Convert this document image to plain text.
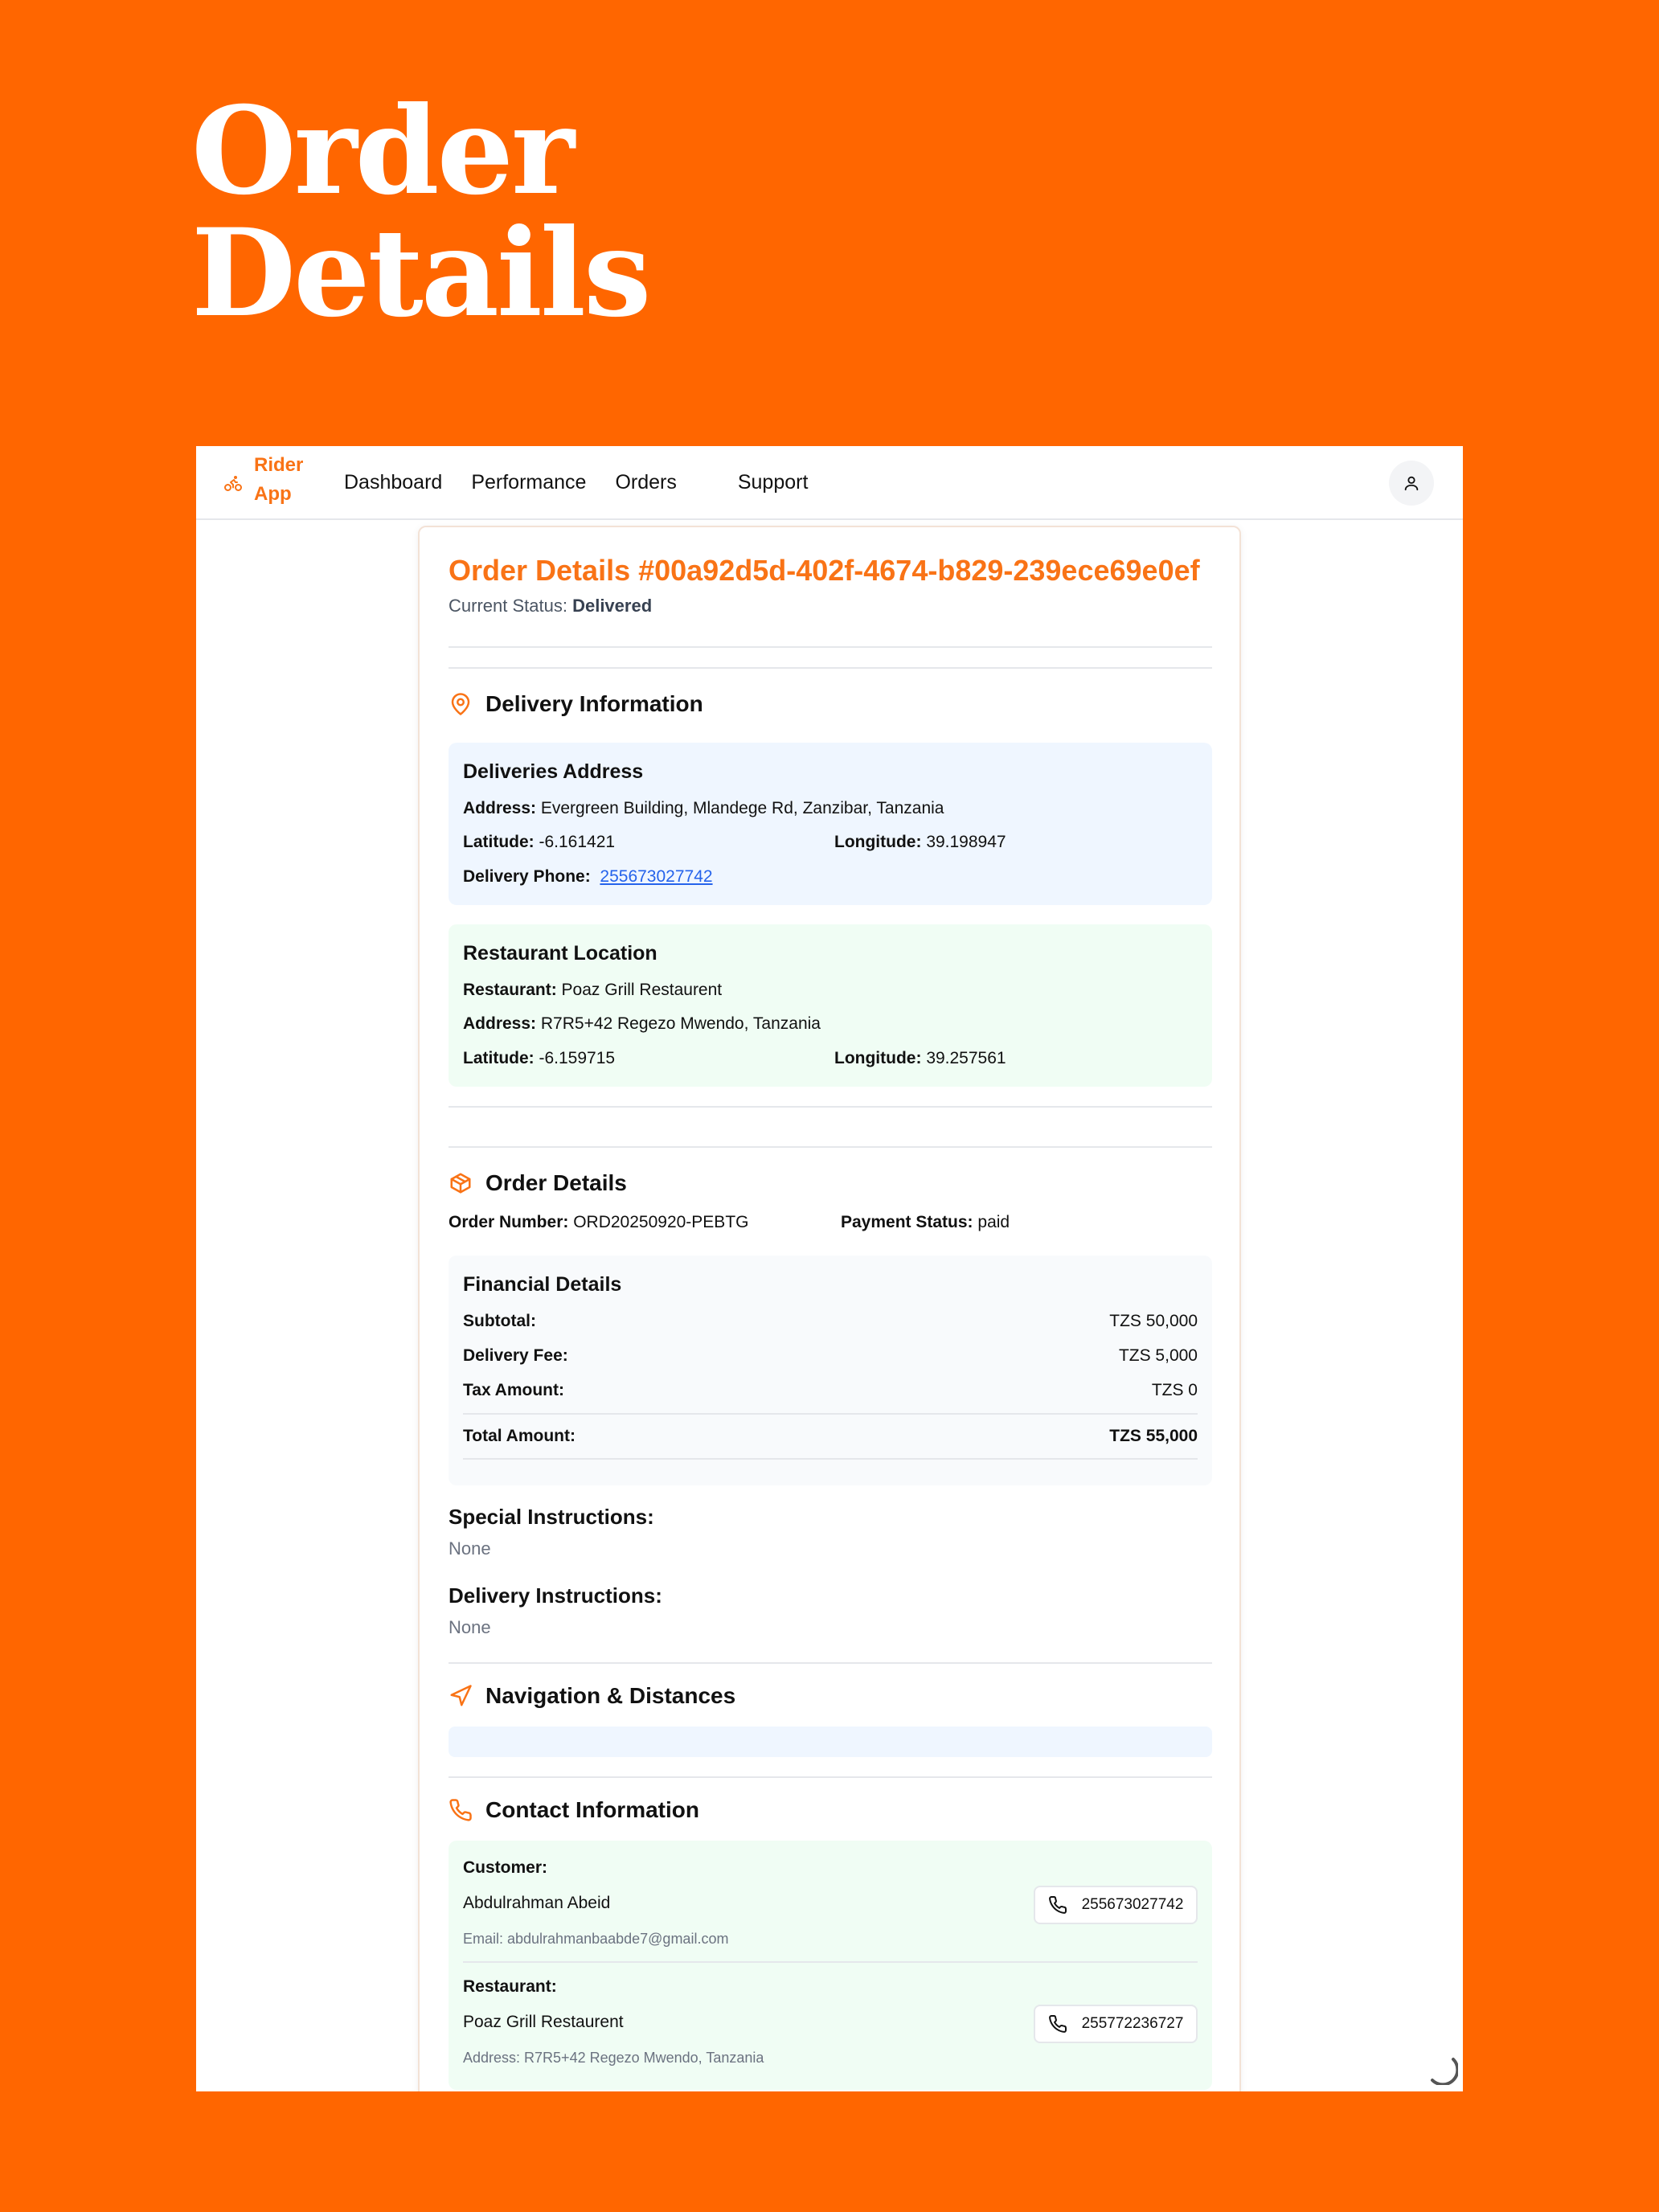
Order
Details
Rider
App
Dashboard Performance Orders	Support
Order Details #00a92d5d-402f-4674-b829-239ece69e0ef
Current Status: Delivered
Delivery Information
Deliveries Address
Address: Evergreen Building, Mlandege Rd, Zanzibar, Tanzania
Latitude: -6.161421	Longitude: 39.198947
Delivery Phone: 255673027742
Restaurant Location
Restaurant: Poaz Grill Restaurent
Address: R7R5+42 Regezo Mwendo, Tanzania
Latitude: -6.159715	Longitude: 39.257561
Order Details
Order Number: ORD20250920-PEBTG	Payment Status: paid
Financial Details
Subtotal:	TZS 50,000
Delivery Fee:	TZS 5,000
Tax Amount:	TZS 0
Total Amount:	TZS 55,000
Special Instructions:
None
Delivery Instructions:
None
Navigation & Distances
Contact Information
Customer:
Abdulrahman Abeid	255673027742
Email: abdulrahmanbaabde7@gmail.com
Restaurant:
Poaz Grill Restaurent	255772236727
Address: R7R5+42 Regezo Mwendo, Tanzania
